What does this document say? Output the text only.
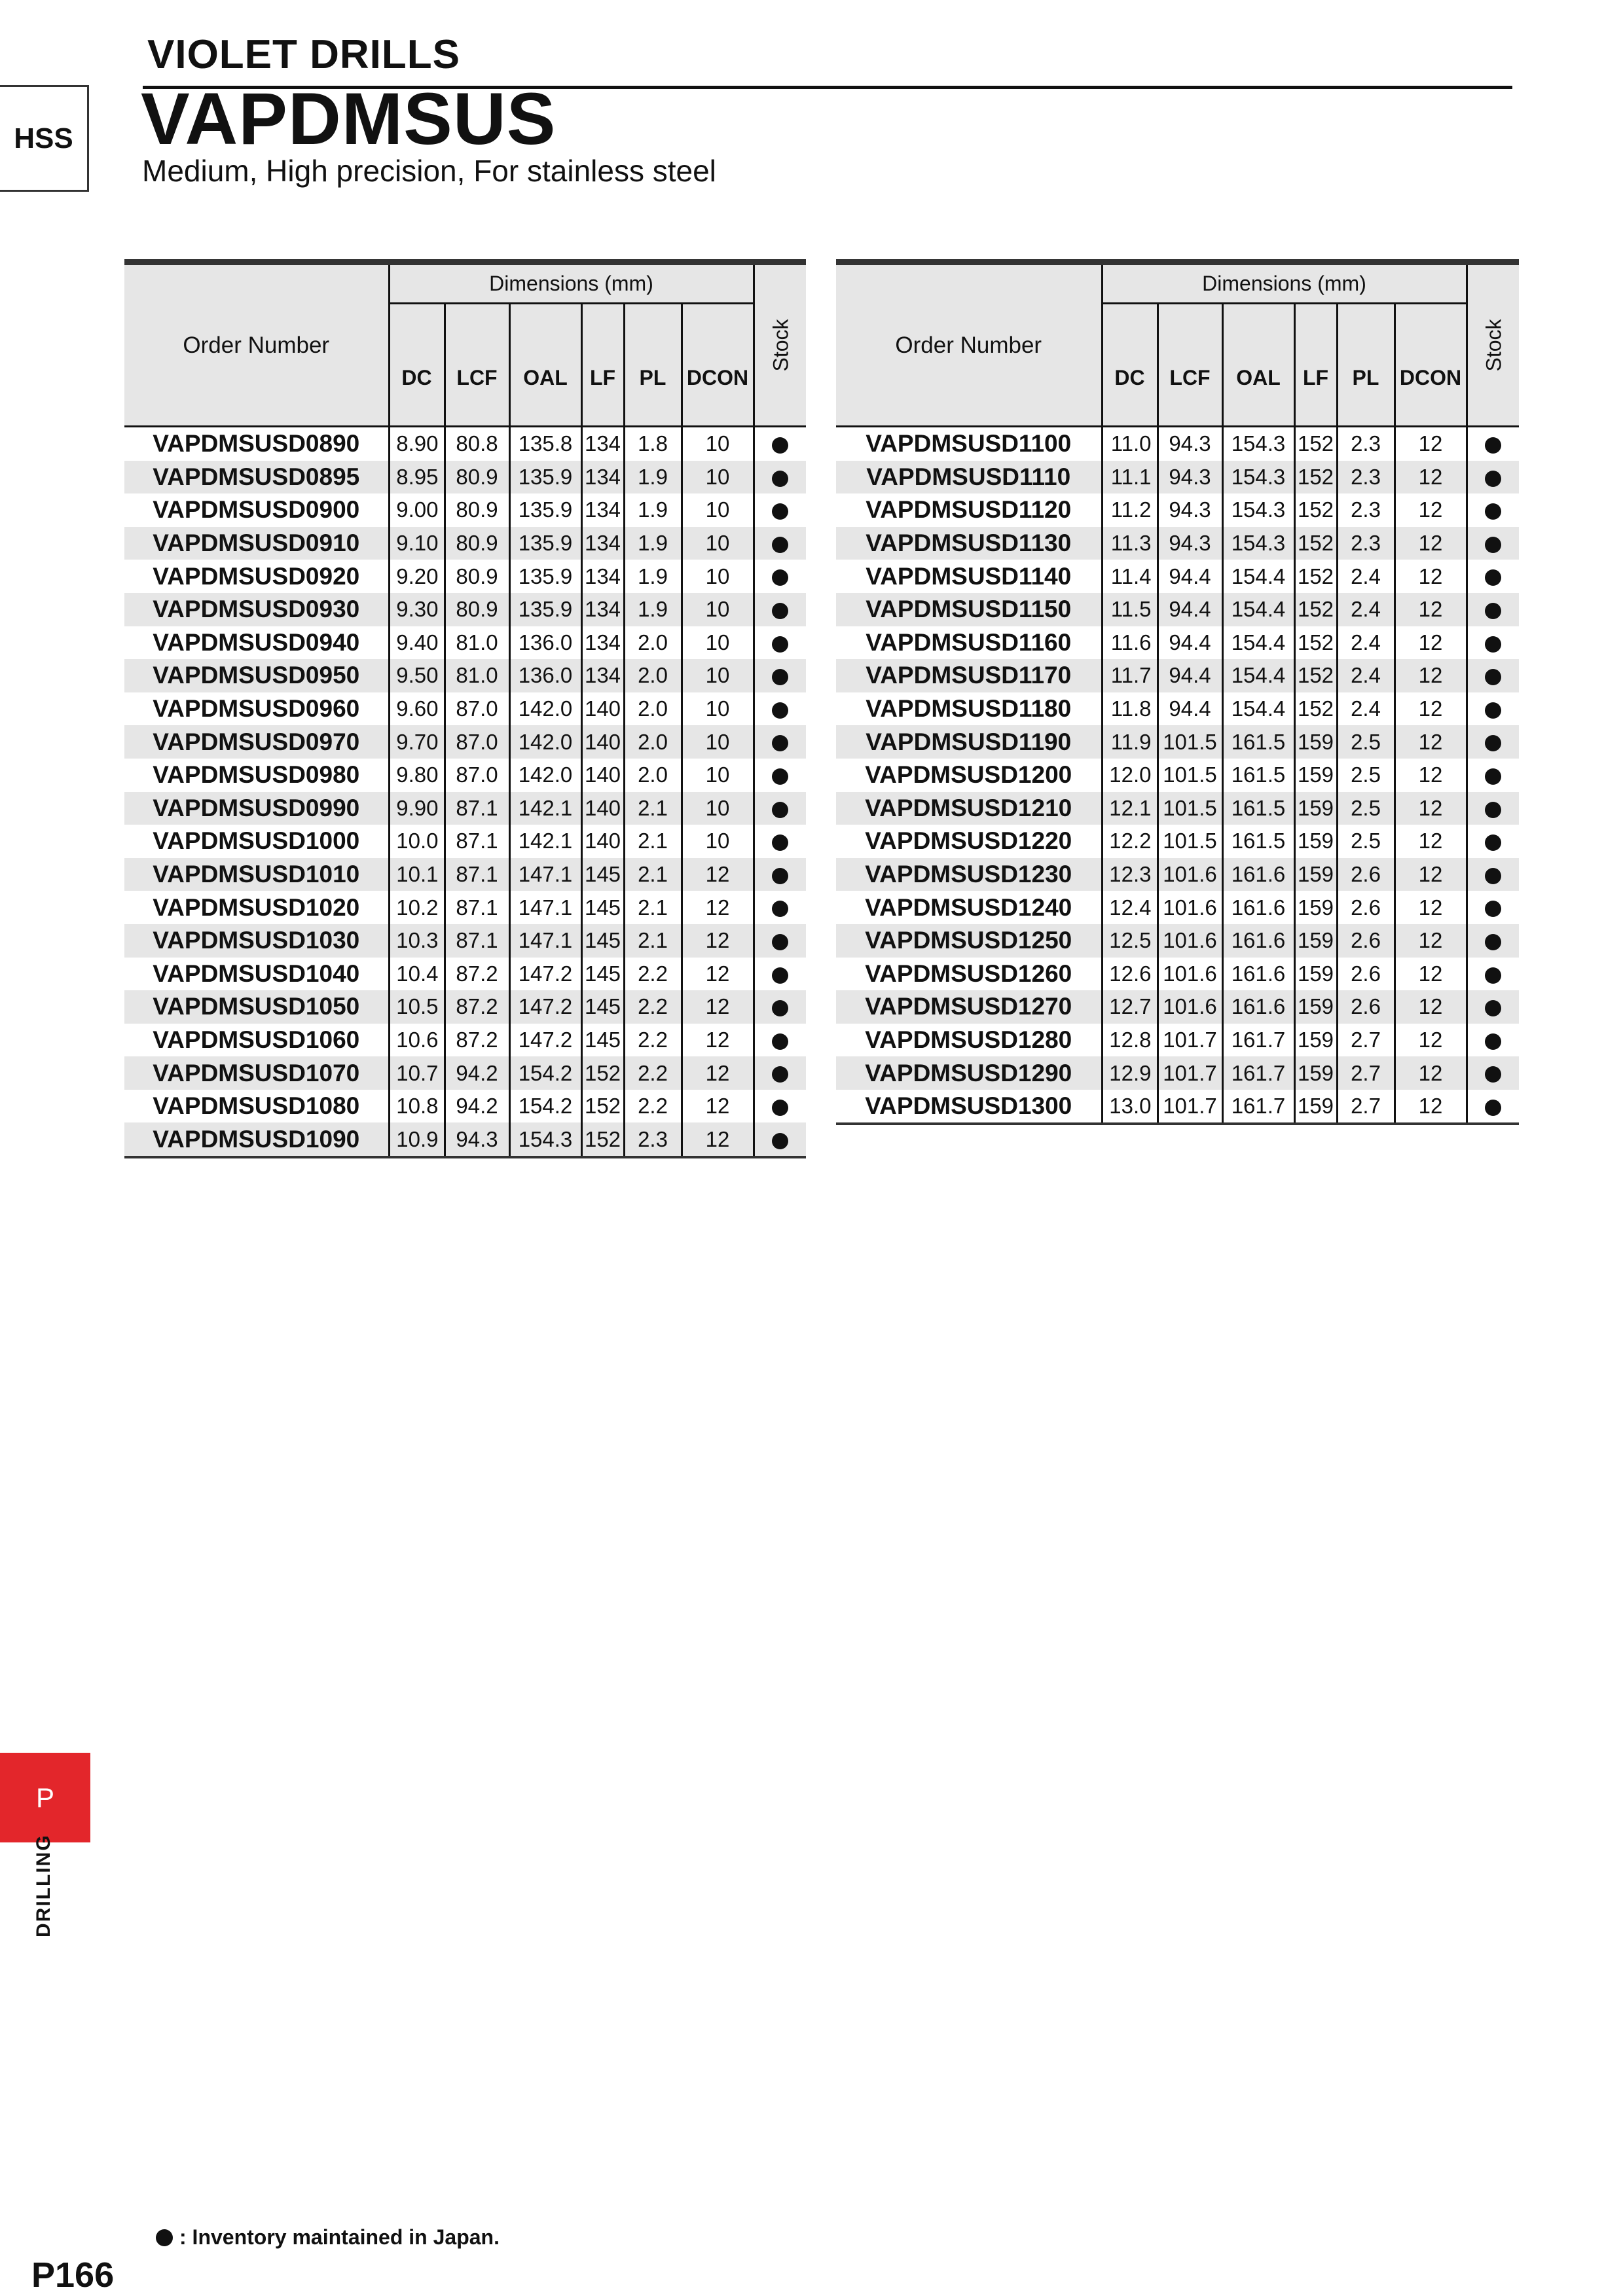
VIOLET DRILLS
HSS VAPDMSUS
Medium, High precision, For stainless steel
Order Number	Dimensions (mm)						Stock
	DC	LCF	OAL	LF	PL	DCON	
VAPDMSUSD0890	8.90	80.8	135.8	134	1.8	10	
VAPDMSUSD0895	8.95	80.9	135.9	134	1.9	10	
VAPDMSUSD0900	9.00	80.9	135.9	134	1.9	10	
VAPDMSUSD0910	9.10	80.9	135.9	134	1.9	10	
VAPDMSUSD0920	9.20	80.9	135.9	134	1.9	10	
VAPDMSUSD0930	9.30	80.9	135.9	134	1.9	10	
VAPDMSUSD0940	9.40	81.0	136.0	134	2.0	10	
VAPDMSUSD0950	9.50	81.0	136.0	134	2.0	10	
VAPDMSUSD0960	9.60	87.0	142.0	140	2.0	10	
VAPDMSUSD0970	9.70	87.0	142.0	140	2.0	10	
VAPDMSUSD0980	9.80	87.0	142.0	140	2.0	10	
VAPDMSUSD0990	9.90	87.1	142.1	140	2.1	10	
VAPDMSUSD1000	10.0	87.1	142.1	140	2.1	10	
VAPDMSUSD1010	10.1	87.1	147.1	145	2.1	12	
VAPDMSUSD1020	10.2	87.1	147.1	145	2.1	12	
VAPDMSUSD1030	10.3	87.1	147.1	145	2.1	12	
VAPDMSUSD1040	10.4	87.2	147.2	145	2.2	12	
VAPDMSUSD1050	10.5	87.2	147.2	145	2.2	12	
VAPDMSUSD1060	10.6	87.2	147.2	145	2.2	12	
VAPDMSUSD1070	10.7	94.2	154.2	152	2.2	12	
VAPDMSUSD1080	10.8	94.2	154.2	152	2.2	12	
VAPDMSUSD1090	10.9	94.3	154.3	152	2.3	12	
Order Number	Dimensions (mm)						Stock
	DC	LCF	OAL	LF	PL	DCON	
VAPDMSUSD1100	11.0	94.3	154.3	152	2.3	12	
VAPDMSUSD1110	11.1	94.3	154.3	152	2.3	12	
VAPDMSUSD1120	11.2	94.3	154.3	152	2.3	12	
VAPDMSUSD1130	11.3	94.3	154.3	152	2.3	12	
VAPDMSUSD1140	11.4	94.4	154.4	152	2.4	12	
VAPDMSUSD1150	11.5	94.4	154.4	152	2.4	12	
VAPDMSUSD1160	11.6	94.4	154.4	152	2.4	12	
VAPDMSUSD1170	11.7	94.4	154.4	152	2.4	12	
VAPDMSUSD1180	11.8	94.4	154.4	152	2.4	12	
VAPDMSUSD1190	11.9	101.5	161.5	159	2.5	12	
VAPDMSUSD1200	12.0	101.5	161.5	159	2.5	12	
VAPDMSUSD1210	12.1	101.5	161.5	159	2.5	12	
VAPDMSUSD1220	12.2	101.5	161.5	159	2.5	12	
VAPDMSUSD1230	12.3	101.6	161.6	159	2.6	12	
VAPDMSUSD1240	12.4	101.6	161.6	159	2.6	12	
VAPDMSUSD1250	12.5	101.6	161.6	159	2.6	12	
VAPDMSUSD1260	12.6	101.6	161.6	159	2.6	12	
VAPDMSUSD1270	12.7	101.6	161.6	159	2.6	12	
VAPDMSUSD1280	12.8	101.7	161.7	159	2.7	12	
VAPDMSUSD1290	12.9	101.7	161.7	159	2.7	12	
VAPDMSUSD1300	13.0	101.7	161.7	159	2.7	12	
P
DRILLING
: Inventory maintained in Japan.
P166
